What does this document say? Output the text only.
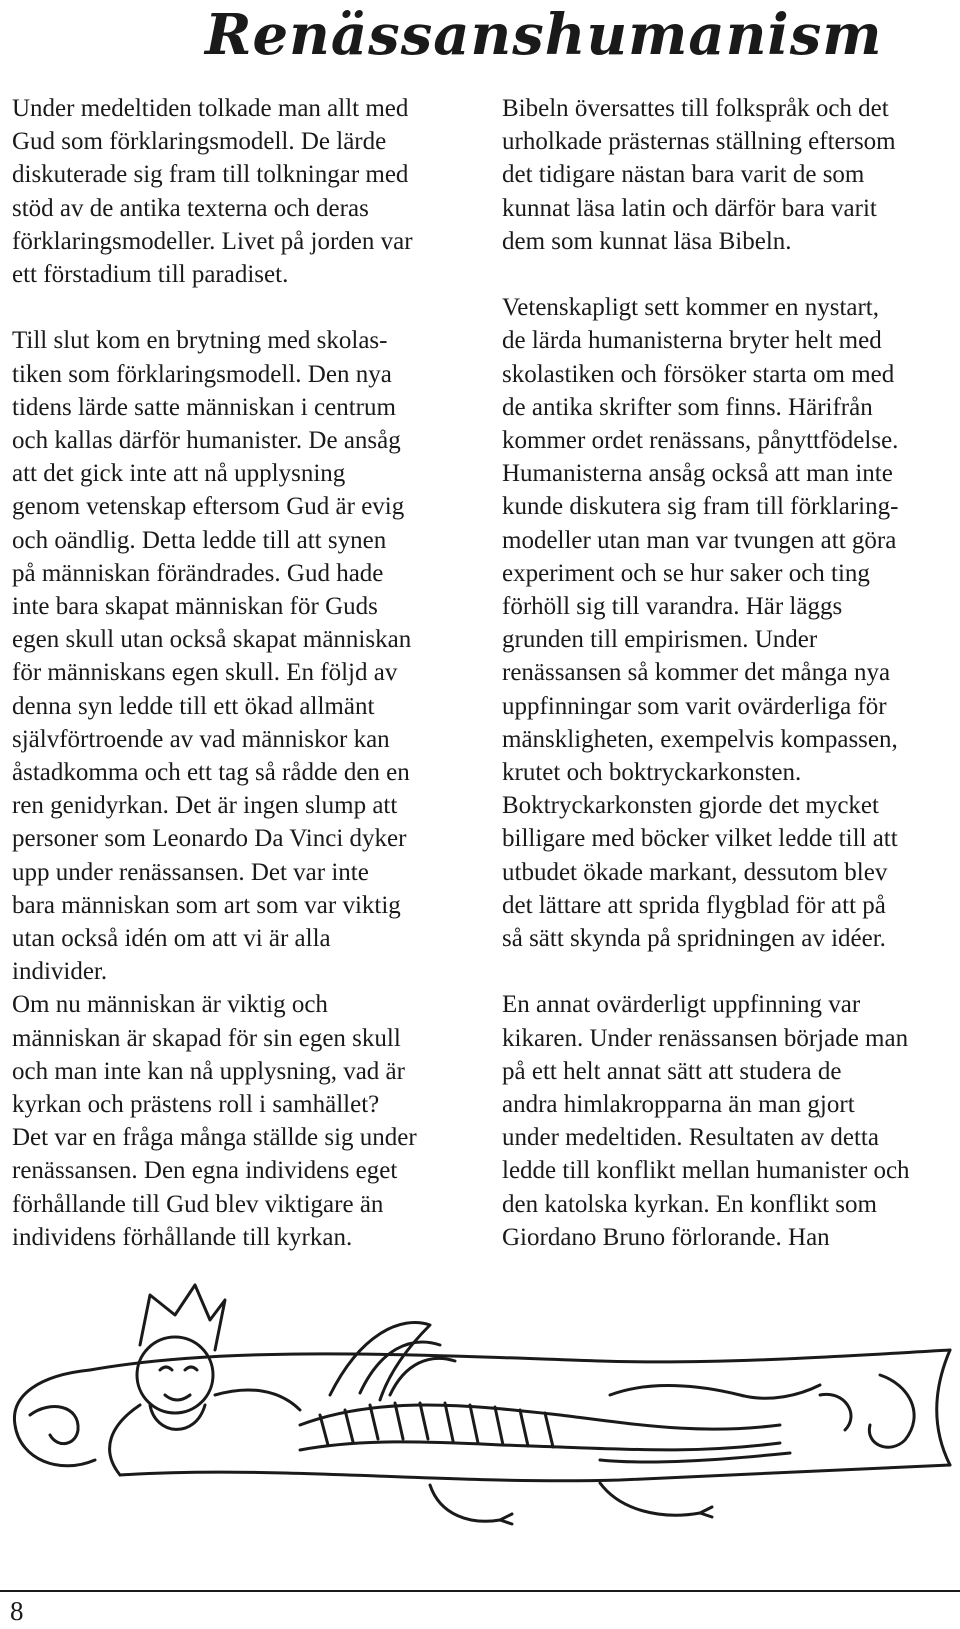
Renässanshumanism
Under medeltiden tolkade man allt med
Gud som förklaringsmodell. De lärde
diskuterade sig fram till tolkningar med
stöd av de antika texterna och deras
förklaringsmodeller. Livet på jorden var
ett förstadium till paradiset.
Till slut kom en brytning med skolas-
tiken som förklaringsmodell. Den nya
tidens lärde satte människan i centrum
och kallas därför humanister. De ansåg
att det gick inte att nå upplysning
genom vetenskap eftersom Gud är evig
och oändlig. Detta ledde till att synen
på människan förändrades. Gud hade
inte bara skapat människan för Guds
egen skull utan också skapat människan
för människans egen skull. En följd av
denna syn ledde till ett ökad allmänt
självförtroende av vad människor kan
åstadkomma och ett tag så rådde den en
ren genidyrkan. Det är ingen slump att
personer som Leonardo Da Vinci dyker
upp under renässansen. Det var inte
bara människan som art som var viktig
utan också idén om att vi är alla
individer.
Om nu människan är viktig och
människan är skapad för sin egen skull
och man inte kan nå upplysning, vad är
kyrkan och prästens roll i samhället?
Det var en fråga många ställde sig under
renässansen. Den egna individens eget
förhållande till Gud blev viktigare än
individens förhållande till kyrkan.
Bibeln översattes till folkspråk och det
urholkade prästernas ställning eftersom
det tidigare nästan bara varit de som
kunnat läsa latin och därför bara varit
dem som kunnat läsa Bibeln.
Vetenskapligt sett kommer en nystart,
de lärda humanisterna bryter helt med
skolastiken och försöker starta om med
de antika skrifter som finns. Härifrån
kommer ordet renässans, pånyttfödelse.
Humanisterna ansåg också att man inte
kunde diskutera sig fram till förklaring-
modeller utan man var tvungen att göra
experiment och se hur saker och ting
förhöll sig till varandra. Här läggs
grunden till empirismen. Under
renässansen så kommer det många nya
uppfinningar som varit ovärderliga för
mänskligheten, exempelvis kompassen,
krutet och boktryckarkonsten.
Boktryckarkonsten gjorde det mycket
billigare med böcker vilket ledde till att
utbudet ökade markant, dessutom blev
det lättare att sprida flygblad för att på
så sätt skynda på spridningen av idéer.
En annat ovärderligt uppfinning var
kikaren. Under renässansen började man
på ett helt annat sätt att studera de
andra himlakropparna än man gjort
under medeltiden. Resultaten av detta
ledde till konflikt mellan humanister och
den katolska kyrkan. En konflikt som
Giordano Bruno förlorande. Han
8
